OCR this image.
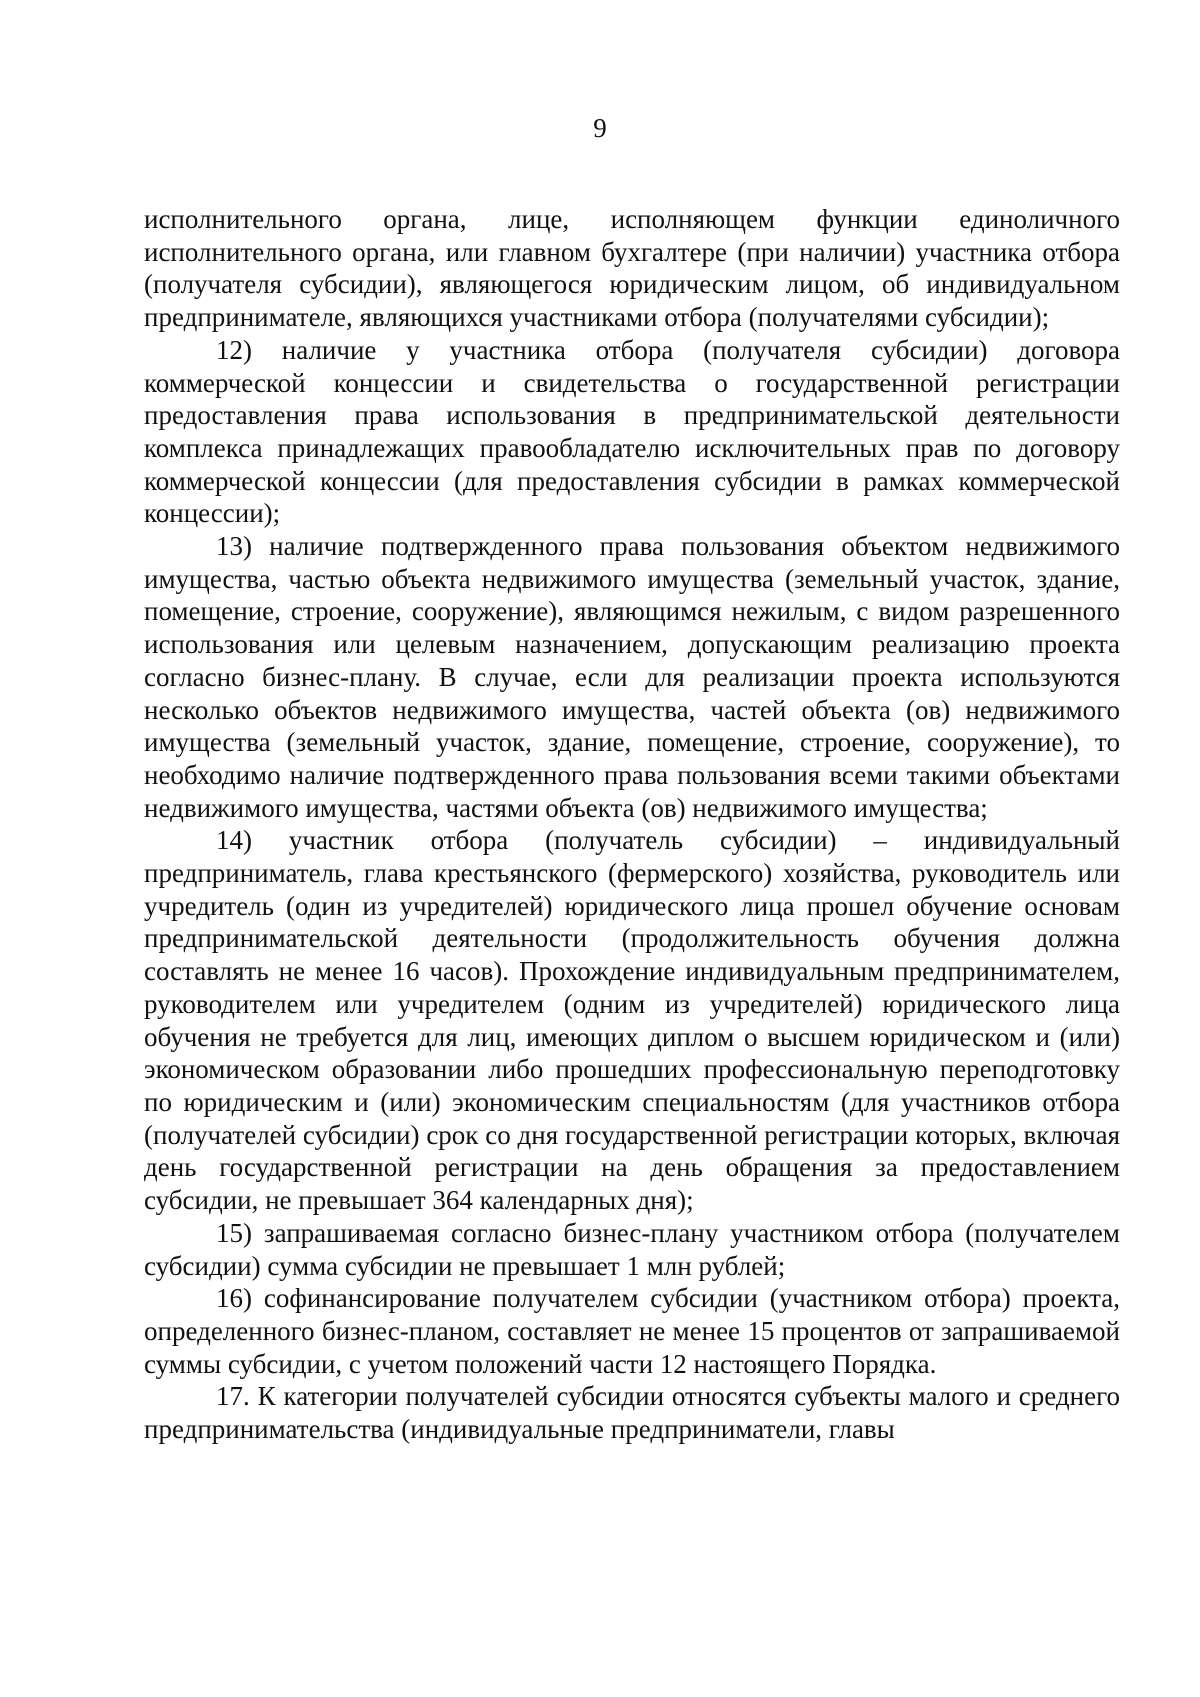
9

исполнительного органа, лице, исполняющем функции единоличного исполнительного органа, или главном бухгалтере (при наличии) участника отбора (получателя субсидии), являющегося юридическим лицом, об индивидуальном предпринимателе, являющихся участниками отбора (получателями субсидии);

12) наличие у участника отбора (получателя субсидии) договора коммерческой концессии и свидетельства о государственной регистрации предоставления права использования в предпринимательской деятельности комплекса принадлежащих правообладателю исключительных прав по договору коммерческой концессии (для предоставления субсидии в рамках коммерческой концессии);

13) наличие подтвержденного права пользования объектом недвижимого имущества, частью объекта недвижимого имущества (земельный участок, здание, помещение, строение, сооружение), являющимся нежилым, с видом разрешенного использования или целевым назначением, допускающим реализацию проекта согласно бизнес-плану. В случае, если для реализации проекта используются несколько объектов недвижимого имущества, частей объекта (ов) недвижимого имущества (земельный участок, здание, помещение, строение, сооружение), то необходимо наличие подтвержденного права пользования всеми такими объектами недвижимого имущества, частями объекта (ов) недвижимого имущества;

14) участник отбора (получатель субсидии) – индивидуальный предприниматель, глава крестьянского (фермерского) хозяйства, руководитель или учредитель (один из учредителей) юридического лица прошел обучение основам предпринимательской деятельности (продолжительность обучения должна составлять не менее 16 часов). Прохождение индивидуальным предпринимателем, руководителем или учредителем (одним из учредителей) юридического лица обучения не требуется для лиц, имеющих диплом о высшем юридическом и (или) экономическом образовании либо прошедших профессиональную переподготовку по юридическим и (или) экономическим специальностям (для участников отбора (получателей субсидии) срок со дня государственной регистрации которых, включая день государственной регистрации на день обращения за предоставлением субсидии, не превышает 364 календарных дня);

15) запрашиваемая согласно бизнес-плану участником отбора (получателем субсидии) сумма субсидии не превышает 1 млн рублей;

16) софинансирование получателем субсидии (участником отбора) проекта, определенного бизнес-планом, составляет не менее 15 процентов от запрашиваемой суммы субсидии, с учетом положений части 12 настоящего Порядка.

17. К категории получателей субсидии относятся субъекты малого и среднего предпринимательства (индивидуальные предприниматели, главы
